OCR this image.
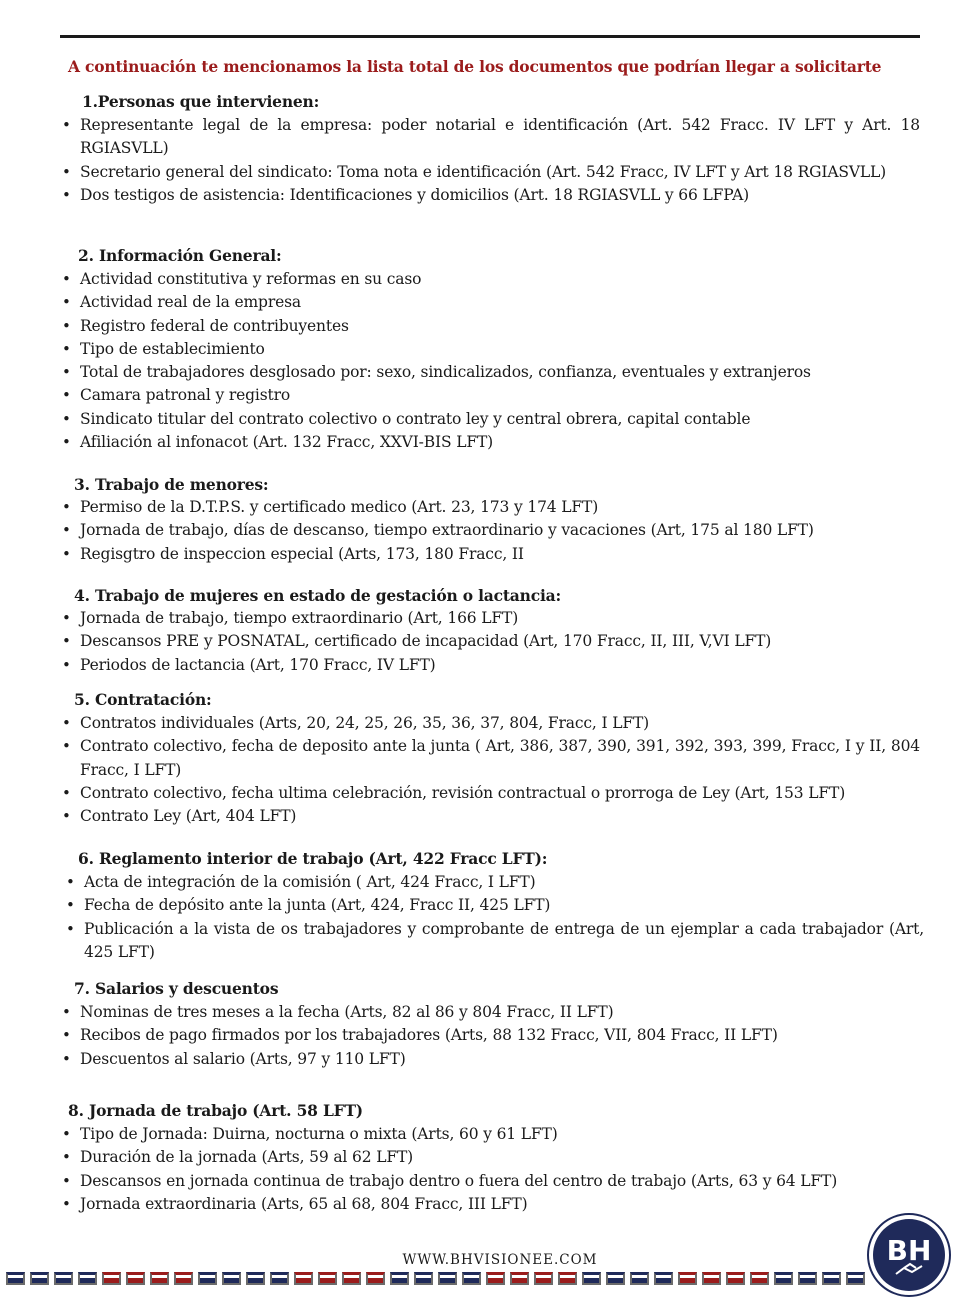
A continuación te mencionamos la lista total de los documentos que podrían llegar a solicitarte
1.Personas que intervienen:
• Representante legal de la empresa: poder notarial e identificación (Art. 542 Fracc. IV LFT y Art. 18 RGIASVLL)
• Secretario general del sindicato: Toma nota e identificación (Art. 542 Fracc, IV LFT y Art 18 RGIASVLL)
• Dos testigos de asistencia: Identificaciones y domicilios (Art. 18 RGIASVLL y 66 LFPA)
2. Información General:
• Actividad constitutiva y reformas en su caso
• Actividad real de la empresa
• Registro federal de contribuyentes
• Tipo de establecimiento
• Total de trabajadores desglosado por: sexo, sindicalizados, confianza, eventuales y extranjeros
• Camara patronal y registro
• Sindicato titular del contrato colectivo o contrato ley y central obrera, capital contable
• Afiliación al infonacot (Art. 132 Fracc, XXVI-BIS LFT)
3. Trabajo de menores:
• Permiso de la D.T.P.S. y certificado medico (Art. 23, 173 y 174 LFT)
• Jornada de trabajo, días de descanso, tiempo extraordinario y vacaciones (Art, 175 al 180 LFT)
• Regisgtro de inspeccion especial (Arts, 173, 180 Fracc, II
4. Trabajo de mujeres en estado de gestación o lactancia:
• Jornada de trabajo, tiempo extraordinario (Art, 166 LFT)
• Descansos PRE y POSNATAL, certificado de incapacidad (Art, 170 Fracc, II, III, V,VI LFT)
• Periodos de lactancia (Art, 170 Fracc, IV LFT)
5. Contratación:
• Contratos individuales (Arts, 20, 24, 25, 26, 35, 36, 37, 804, Fracc, I LFT)
• Contrato colectivo, fecha de deposito ante la junta ( Art, 386, 387, 390, 391, 392, 393, 399, Fracc, I y II, 804 Fracc, I LFT)
• Contrato colectivo, fecha ultima celebración, revisión contractual o prorroga de Ley (Art, 153 LFT)
• Contrato Ley (Art, 404 LFT)
6. Reglamento interior de trabajo (Art, 422 Fracc LFT):
• Acta de integración de la comisión ( Art, 424 Fracc, I LFT)
• Fecha de depósito ante la junta (Art, 424, Fracc II, 425 LFT)
• Publicación a la vista de os trabajadores y comprobante de entrega de un ejemplar a cada trabajador (Art, 425 LFT)
7. Salarios y descuentos
• Nominas de tres meses a la fecha (Arts, 82 al 86 y 804 Fracc, II LFT)
• Recibos de pago firmados por los trabajadores (Arts, 88 132 Fracc, VII, 804 Fracc, II LFT)
• Descuentos al salario (Arts, 97 y 110 LFT)
8. Jornada de trabajo (Art. 58 LFT)
• Tipo de Jornada: Duirna, nocturna o mixta (Arts, 60 y 61 LFT)
• Duración de la jornada (Arts, 59 al 62 LFT)
• Descansos en jornada continua de trabajo dentro o fuera del centro de trabajo (Arts, 63 y 64 LFT)
• Jornada extraordinaria (Arts, 65 al 68, 804 Fracc, III LFT)
WWW.BHVISIONEE.COM	BH
